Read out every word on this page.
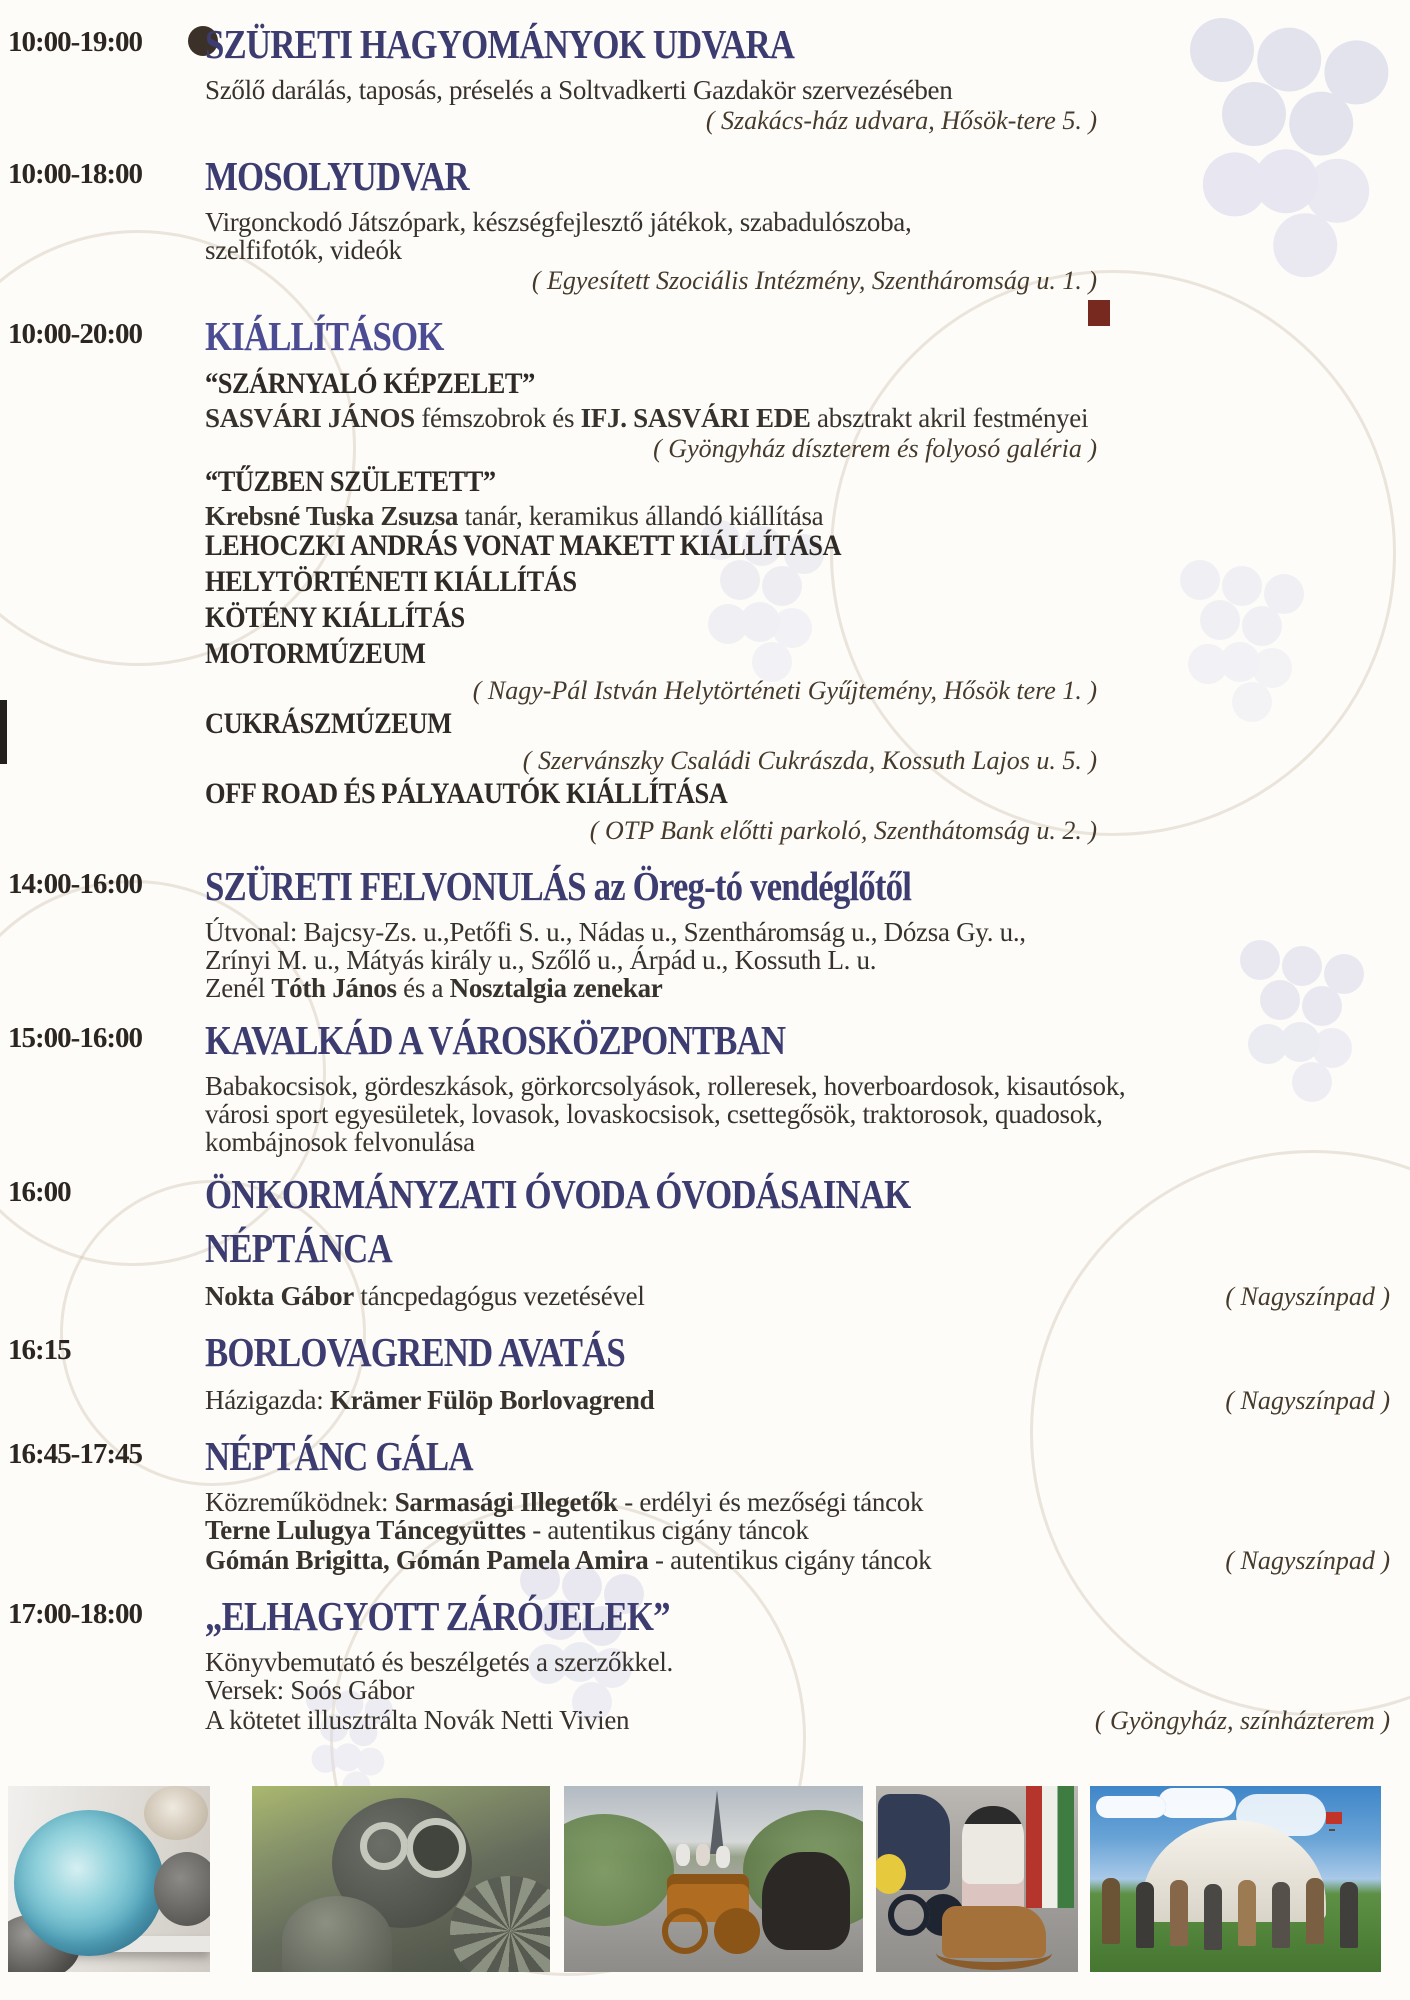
10:00-19:00	SZÜRETI HAGYOMÁNYOK UDVARA
Szőlő darálás, taposás, préselés a Soltvadkerti Gazdakör szervezésében
( Szakács-ház udvara, Hősök-tere 5. )
10:00-18:00	MOSOLYUDVAR
Virgonckodó Játszópark, készségfejlesztő játékok, szabadulószoba,
szelfifotók, videók
( Egyesített Szociális Intézmény, Szentháromság u. 1. )
10:00-20:00	KIÁLLÍTÁSOK
“SZÁRNYALÓ KÉPZELET”
SASVÁRI JÁNOS fémszobrok és IFJ. SASVÁRI EDE absztrakt akril festményei
( Gyöngyház díszterem és folyosó galéria )
“TŰZBEN SZÜLETETT”
Krebsné Tuska Zsuzsa tanár, keramikus állandó kiállítása
LEHOCZKI ANDRÁS VONAT MAKETT KIÁLLÍTÁSA
HELYTÖRTÉNETI KIÁLLÍTÁS
KÖTÉNY KIÁLLÍTÁS
MOTORMÚZEUM
( Nagy-Pál István Helytörténeti Gyűjtemény, Hősök tere 1. )
CUKRÁSZMÚZEUM
( Szervánszky Családi Cukrászda, Kossuth Lajos u. 5. )
OFF ROAD ÉS PÁLYAAUTÓK KIÁLLÍTÁSA
( OTP Bank előtti parkoló, Szenthátomság u. 2. )
14:00-16:00	SZÜRETI FELVONULÁS az Öreg-tó vendéglőtől
Útvonal: Bajcsy-Zs. u.,Petőfi S. u., Nádas u., Szentháromság u., Dózsa Gy. u.,
Zrínyi M. u., Mátyás király u., Szőlő u., Árpád u., Kossuth L. u.
Zenél Tóth János és a Nosztalgia zenekar
15:00-16:00	KAVALKÁD A VÁROSKÖZPONTBAN
Babakocsisok, gördeszkások, görkorcsolyások, rolleresek, hoverboardosok, kisautósok,
városi sport egyesületek, lovasok, lovaskocsisok, csettegősök, traktorosok, quadosok,
kombájnosok felvonulása
16:00	ÖNKORMÁNYZATI ÓVODA ÓVODÁSAINAK
NÉPTÁNCA
Nokta Gábor táncpedagógus vezetésével	( Nagyszínpad )
16:15	BORLOVAGREND AVATÁS
Házigazda: Krämer Fülöp Borlovagrend	( Nagyszínpad )
16:45-17:45	NÉPTÁNC GÁLA
Közreműködnek: Sarmasági Illegetők - erdélyi és mezőségi táncok
Terne Lulugya Táncegyüttes - autentikus cigány táncok
Gómán Brigitta, Gómán Pamela Amira - autentikus cigány táncok	( Nagyszínpad )
17:00-18:00	„ELHAGYOTT ZÁRÓJELEK”
Könyvbemutató és beszélgetés a szerzőkkel.
Versek: Soós Gábor
A kötetet illusztrálta Novák Netti Vivien	( Gyöngyház, színházterem )
